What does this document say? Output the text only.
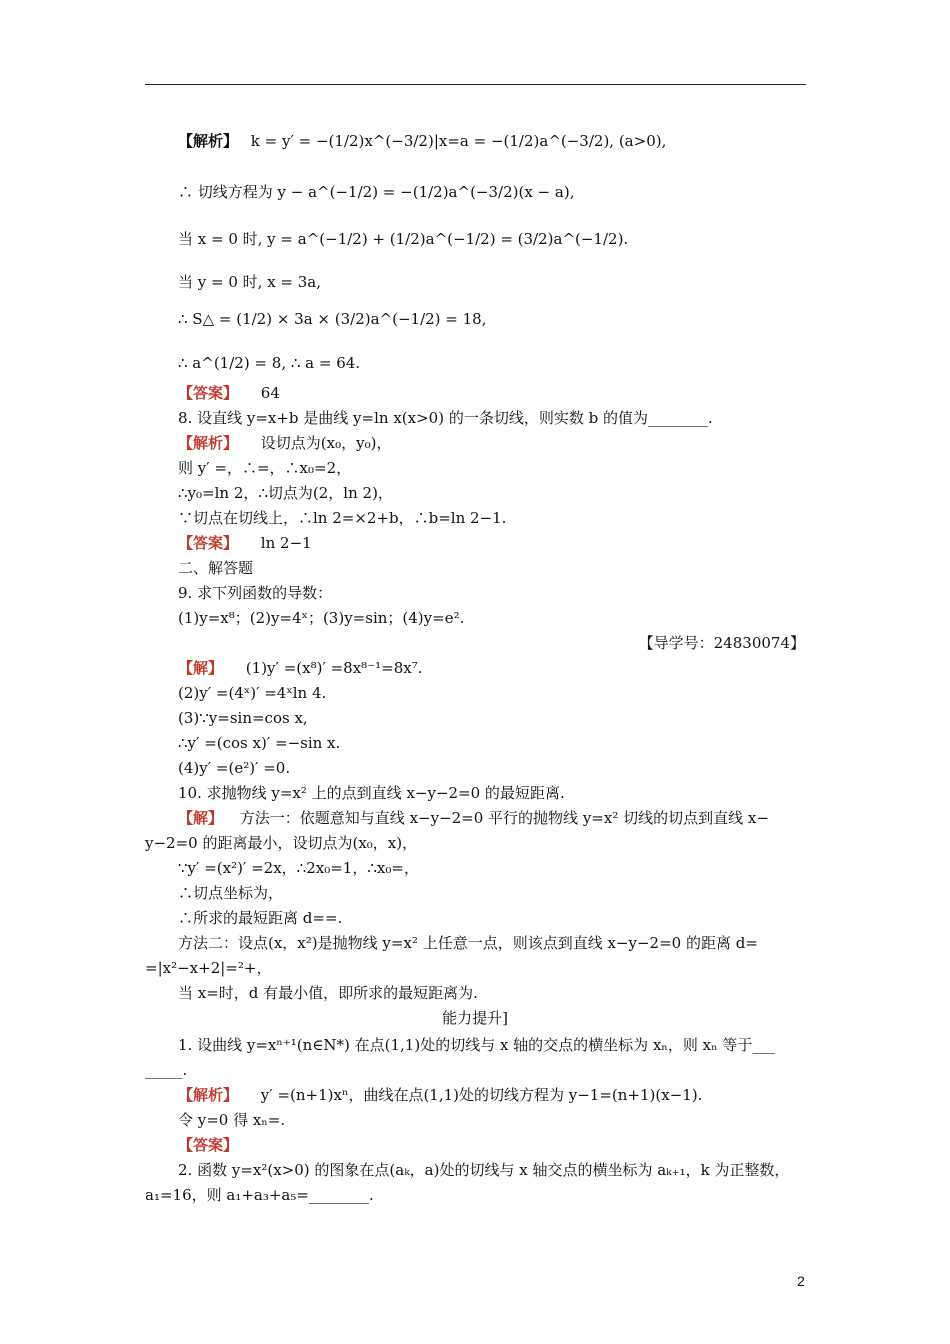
【解析】 k = y′ = −(1/2)x^(−3/2)|x=a = −(1/2)a^(−3/2), (a>0),
∴ 切线方程为 y − a^(−1/2) = −(1/2)a^(−3/2)(x − a),
当 x = 0 时, y = a^(−1/2) + (1/2)a^(−1/2) = (3/2)a^(−1/2).
当 y = 0 时, x = 3a,
∴ S△ = (1/2) × 3a × (3/2)a^(−1/2) = 18,
∴ a^(1/2) = 8, ∴ a = 64.
【答案】 64
8. 设直线 y=x+b 是曲线 y=ln x(x>0) 的一条切线，则实数 b 的值为________.
【解析】 设切点为(x₀，y₀)，
则 y′ =，∴=，∴x₀=2，
∴y₀=ln 2，∴切点为(2，ln 2)，
∵切点在切线上，∴ln 2=×2+b，∴b=ln 2−1.
【答案】 ln 2−1
二、解答题
9. 求下列函数的导数：
(1)y=x⁸；(2)y=4ˣ；(3)y=sin；(4)y=e².
【导学号：24830074】
【解】 (1)y′ =(x⁸)′ =8x⁸⁻¹=8x⁷.
(2)y′ =(4ˣ)′ =4ˣln 4.
(3)∵y=sin=cos x,
∴y′ =(cos x)′ =−sin x.
(4)y′ =(e²)′ =0.
10. 求抛物线 y=x² 上的点到直线 x−y−2=0 的最短距离.
【解】 方法一：依题意知与直线 x−y−2=0 平行的抛物线 y=x² 切线的切点到直线 x−
y−2=0 的距离最小，设切点为(x₀，x)，
∵y′ =(x²)′ =2x，∴2x₀=1，∴x₀=，
∴切点坐标为，
∴所求的最短距离 d==.
方法二：设点(x，x²)是抛物线 y=x² 上任意一点，则该点到直线 x−y−2=0 的距离 d=
=|x²−x+2|=²+，
当 x=时，d 有最小值，即所求的最短距离为.
能力提升]
1. 设曲线 y=xⁿ⁺¹(n∈N*) 在点(1,1)处的切线与 x 轴的交点的横坐标为 xₙ，则 xₙ 等于___
_____.
【解析】 y′ =(n+1)xⁿ，曲线在点(1,1)处的切线方程为 y−1=(n+1)(x−1).
令 y=0 得 xₙ=.
【答案】
2. 函数 y=x²(x>0) 的图象在点(aₖ，a)处的切线与 x 轴交点的横坐标为 aₖ₊₁，k 为正整数，
a₁=16，则 a₁+a₃+a₅=________.
2
